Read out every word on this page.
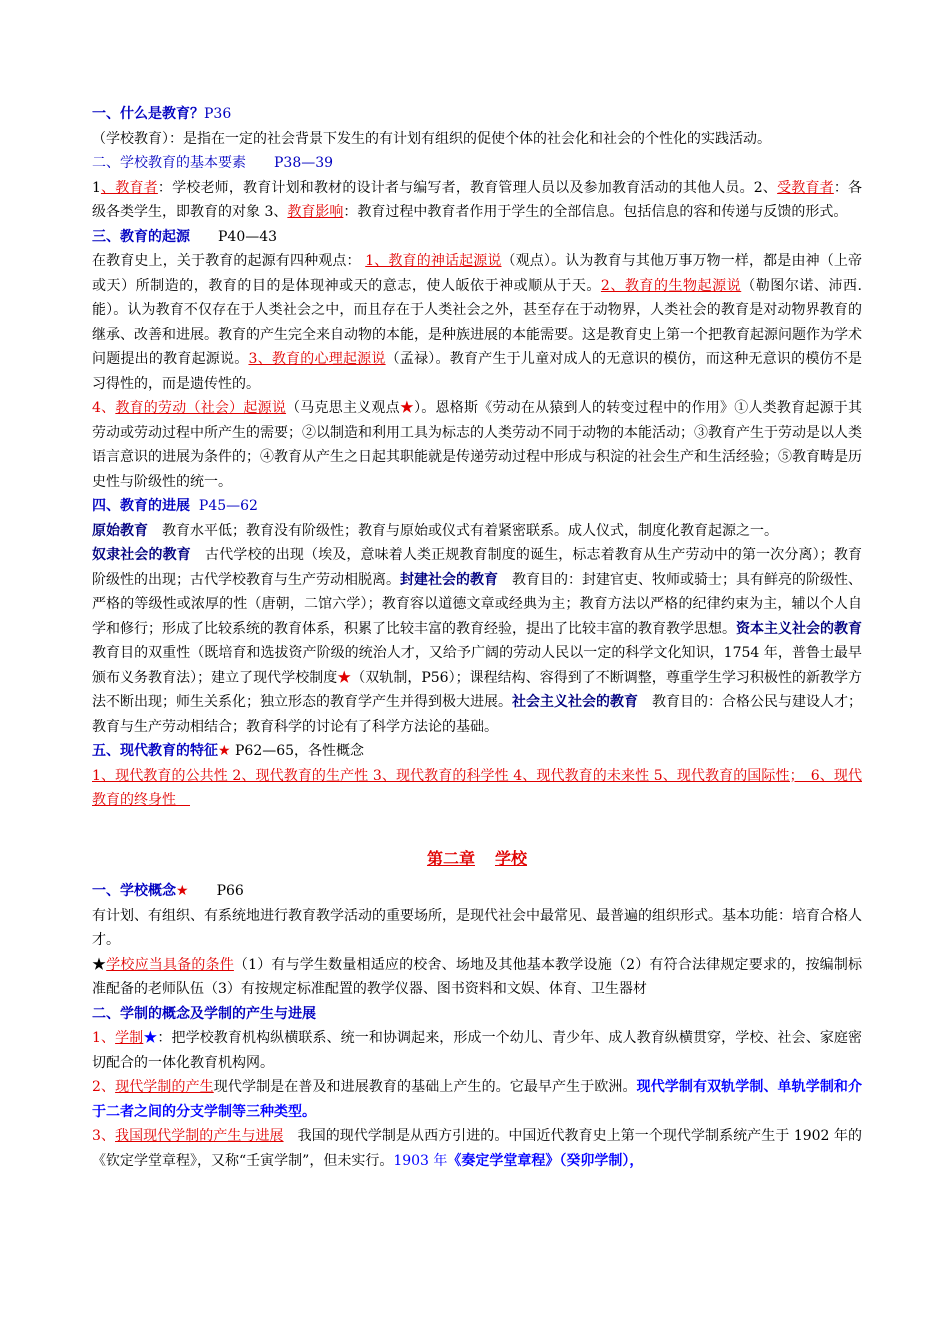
一、什么是教育？P36

（学校教育）：是指在一定的社会背景下发生的有计划有组织的促使个体的社会化和社会的个性化的实践活动。

二、学校教育的基本要素　　 P38—39

1、教育者：学校老师，教育计划和教材的设计者与编写者，教育管理人员以及参加教育活动的其他人员。2、受教育者：各级各类学生，即教育的对象 3、教育影响：教育过程中教育者作用于学生的全部信息。包括信息的容和传递与反馈的形式。

三、教育的起源　　 P40—43

在教育史上，关于教育的起源有四种观点： 1、教育的神话起源说（观点）。认为教育与其他万事万物一样，都是由神（上帝或天）所制造的，教育的目的是体现神或天的意志，使人皈依于神或顺从于天。2、教育的生物起源说（勒图尔诺、沛西.能）。认为教育不仅存在于人类社会之中，而且存在于人类社会之外，甚至存在于动物界，人类社会的教育是对动物界教育的继承、改善和进展。教育的产生完全来自动物的本能，是种族进展的本能需要。这是教育史上第一个把教育起源问题作为学术问题提出的教育起源说。3、教育的心理起源说（孟禄）。教育产生于儿童对成人的无意识的模仿，而这种无意识的模仿不是习得性的，而是遗传性的。

4、教育的劳动（社会）起源说（马克思主义观点★）。恩格斯《劳动在从猿到人的转变过程中的作用》①人类教育起源于其劳动或劳动过程中所产生的需要；②以制造和利用工具为标志的人类劳动不同于动物的本能活动；③教育产生于劳动是以人类语言意识的进展为条件的；④教育从产生之日起其职能就是传递劳动过程中形成与积淀的社会生产和生活经验；⑤教育畴是历史性与阶级性的统一。

四、教育的进展 P45—62

原始教育　教育水平低；教育没有阶级性；教育与原始或仪式有着紧密联系。成人仪式，制度化教育起源之一。
奴隶社会的教育　古代学校的出现（埃及，意味着人类正规教育制度的诞生，标志着教育从生产劳动中的第一次分离）；教育阶级性的出现；古代学校教育与生产劳动相脱离。封建社会的教育　教育目的：封建官吏、牧师或骑士；具有鲜亮的阶级性、严格的等级性或浓厚的性（唐朝，二馆六学）；教育容以道德文章或经典为主；教育方法以严格的纪律约束为主，辅以个人自学和修行；形成了比较系统的教育体系，积累了比较丰富的教育经验，提出了比较丰富的教育教学思想。资本主义社会的教育　教育目的双重性（既培育和选拔资产阶级的统治人才，又给予广阔的劳动人民以一定的科学文化知识，1754 年，普鲁士最早颁布义务教育法）；建立了现代学校制度★（双轨制，P56）；课程结构、容得到了不断调整，尊重学生学习积极性的新教学方法不断出现；师生关系化；独立形态的教育学产生并得到极大进展。社会主义社会的教育　教育目的：合格公民与建设人才；教育与生产劳动相结合；教育科学的讨论有了科学方法论的基础。

五、现代教育的特征★ P62—65，各性概念

1、现代教育的公共性 2、现代教育的生产性 3、现代教育的科学性 4、现代教育的未来性 5、现代教育的国际性；　6、现代教育的终身性　

第二章 学校

一、学校概念★　　 P66

有计划、有组织、有系统地进行教育教学活动的重要场所，是现代社会中最常见、最普遍的组织形式。基本功能：培育合格人才。

★学校应当具备的条件（1）有与学生数量相适应的校舍、场地及其他基本教学设施（2）有符合法律规定要求的，按编制标准配备的老师队伍（3）有按规定标准配置的教学仪器、图书资料和文娱、体育、卫生器材

二、学制的概念及学制的产生与进展

1、学制★：把学校教育机构纵横联系、统一和协调起来，形成一个幼儿、青少年、成人教育纵横贯穿，学校、社会、家庭密切配合的一体化教育机构网。

2、现代学制的产生现代学制是在普及和进展教育的基础上产生的。它最早产生于欧洲。现代学制有双轨学制、单轨学制和介于二者之间的分支学制等三种类型。

3、我国现代学制的产生与进展　我国的现代学制是从西方引进的。中国近代教育史上第一个现代学制系统产生于 1902 年的《钦定学堂章程》，又称“壬寅学制”，但未实行。1903 年《奏定学堂章程》（癸卯学制），
